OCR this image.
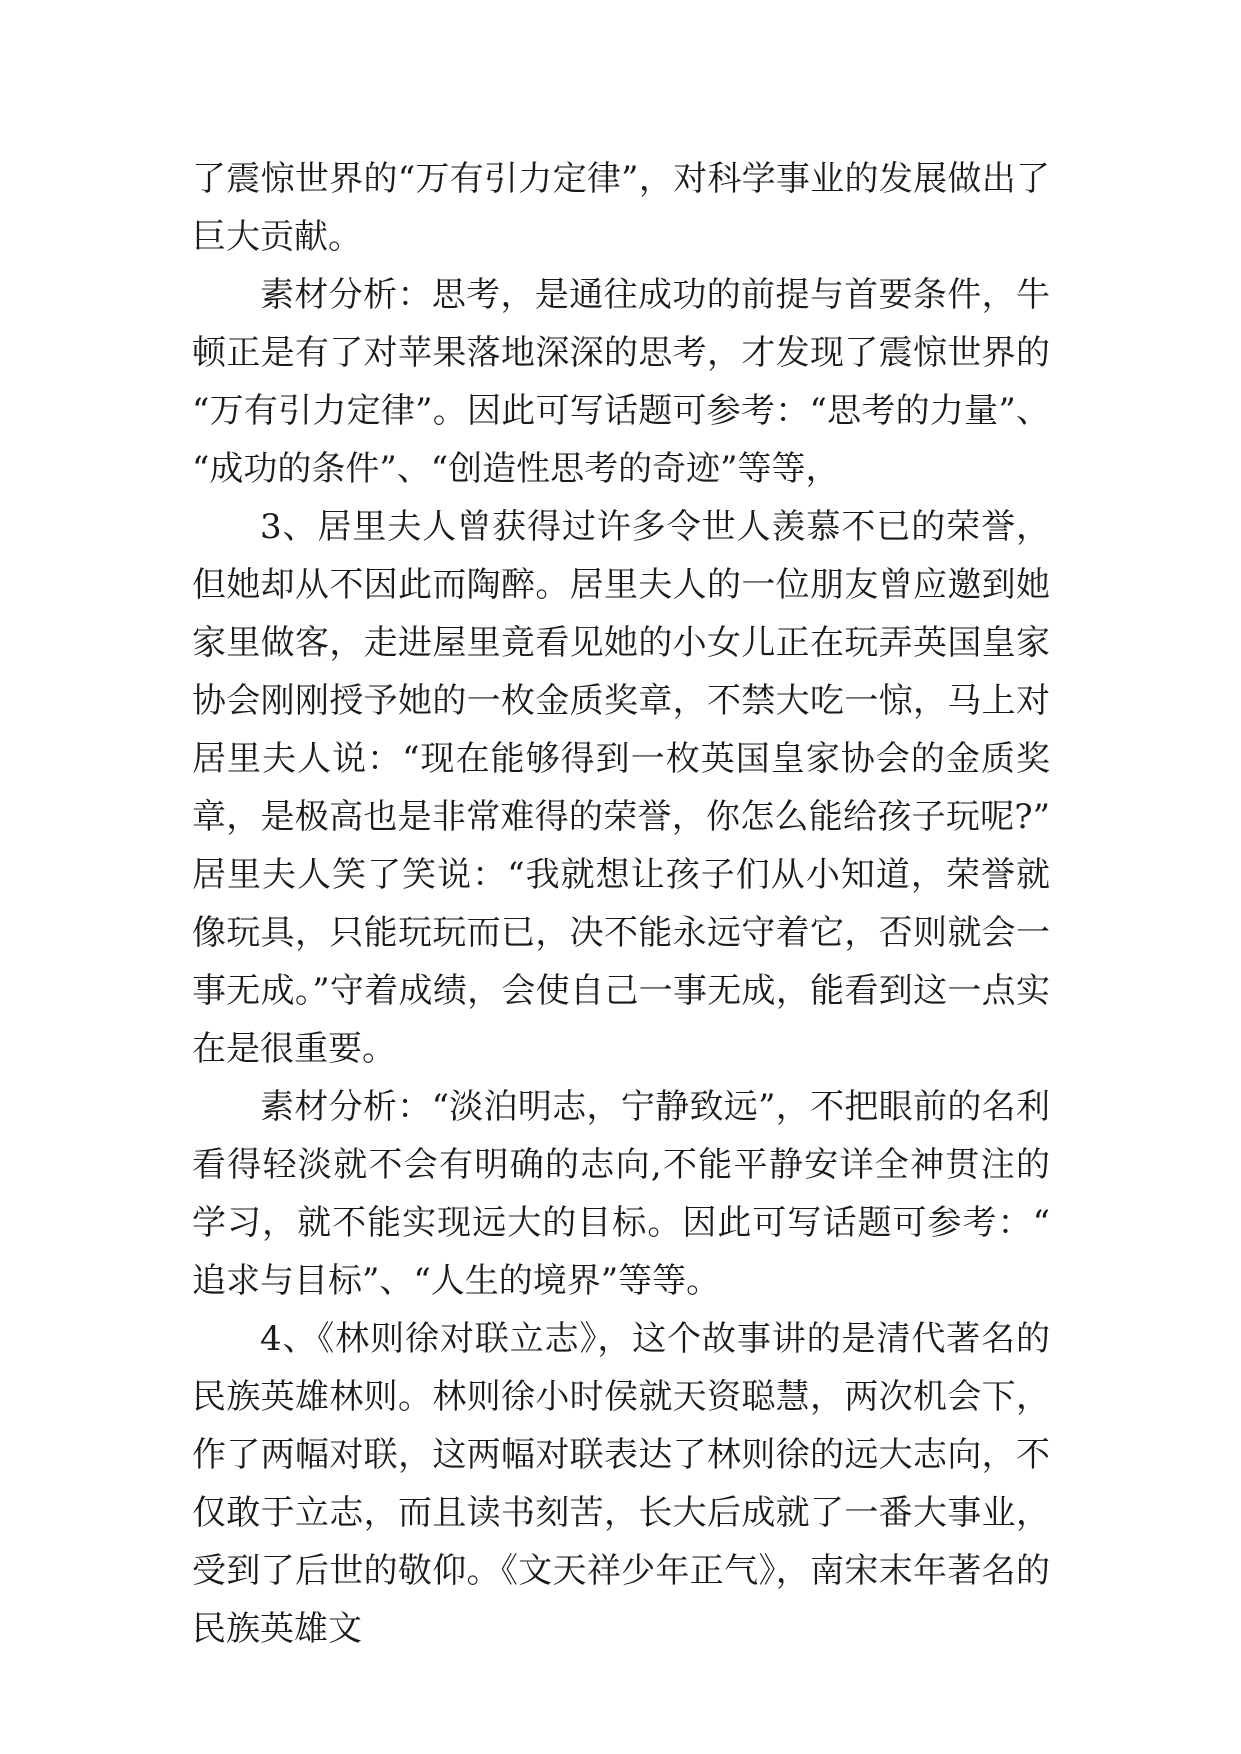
了震惊世界的“万有引力定律”，对科学事业的发展做出了巨大贡献。

素材分析：思考，是通往成功的前提与首要条件，牛顿正是有了对苹果落地深深的思考，才发现了震惊世界的“万有引力定律”。因此可写话题可参考：“思考的力量”、“成功的条件”、“创造性思考的奇迹”等等，

3、居里夫人曾获得过许多令世人羡慕不已的荣誉，但她却从不因此而陶醉。居里夫人的一位朋友曾应邀到她家里做客，走进屋里竟看见她的小女儿正在玩弄英国皇家协会刚刚授予她的一枚金质奖章，不禁大吃一惊，马上对居里夫人说：“现在能够得到一枚英国皇家协会的金质奖章，是极高也是非常难得的荣誉，你怎么能给孩子玩呢?”居里夫人笑了笑说：“我就想让孩子们从小知道，荣誉就像玩具，只能玩玩而已，决不能永远守着它，否则就会一事无成。”守着成绩，会使自己一事无成，能看到这一点实在是很重要。

素材分析：“淡泊明志，宁静致远”，不把眼前的名利看得轻淡就不会有明确的志向,不能平静安详全神贯注的学习，就不能实现远大的目标。因此可写话题可参考：“追求与目标”、“人生的境界”等等。

4、《林则徐对联立志》，这个故事讲的是清代著名的民族英雄林则。林则徐小时侯就天资聪慧，两次机会下，作了两幅对联，这两幅对联表达了林则徐的远大志向，不仅敢于立志，而且读书刻苦，长大后成就了一番大事业，受到了后世的敬仰。《文天祥少年正气》，南宋末年著名的民族英雄文
